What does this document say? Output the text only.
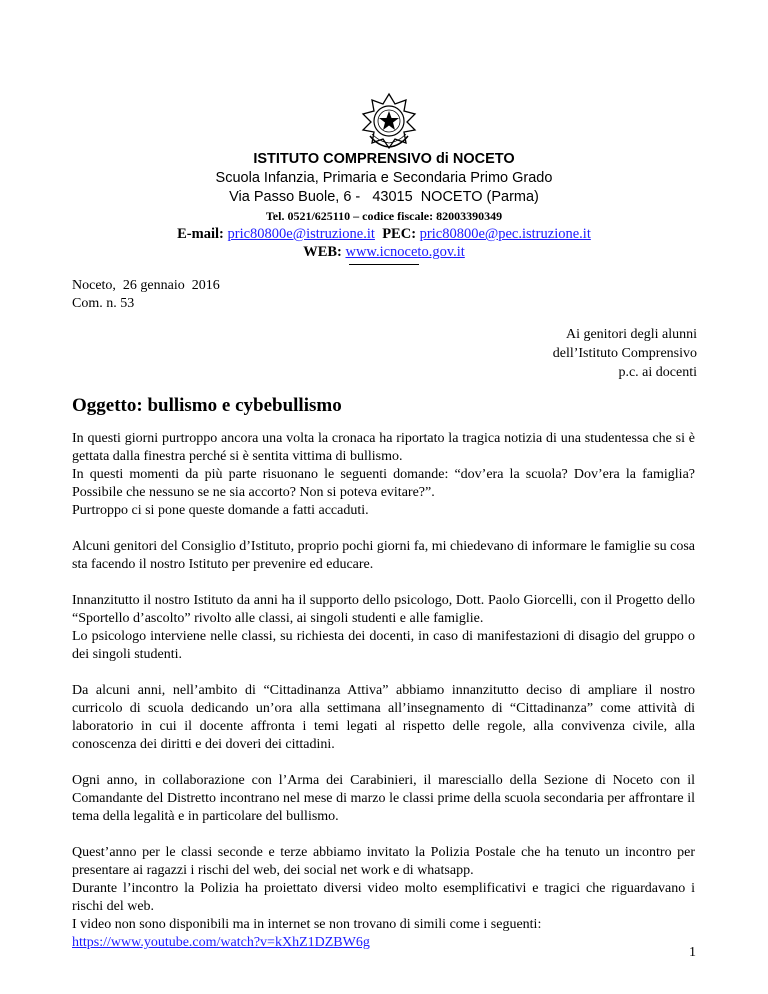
ISTITUTO COMPRENSIVO di NOCETO
Scuola Infanzia, Primaria e Secondaria Primo Grado
Via Passo Buole, 6 -   43015  NOCETO (Parma)
Tel. 0521/625110 – codice fiscale: 82003390349
E-mail: pric80800e@istruzione.it PEC: pric80800e@pec.istruzione.it
WEB: www.icnoceto.gov.it
Noceto,  26 gennaio  2016
Com. n. 53
Ai genitori degli alunni
dell’Istituto Comprensivo
p.c. ai docenti
Oggetto: bullismo e cybebullismo

In questi giorni purtroppo ancora una volta la cronaca ha riportato la tragica notizia di una studentessa che si è gettata dalla finestra perché si è sentita vittima di bullismo.
In questi momenti da più parte risuonano le seguenti domande: “dov’era la scuola? Dov’era la famiglia? Possibile che nessuno se ne sia accorto? Non si poteva evitare?”.
Purtroppo ci si pone queste domande a fatti accaduti.

Alcuni genitori del Consiglio d’Istituto, proprio pochi giorni fa, mi chiedevano di informare le famiglie su cosa sta facendo il nostro Istituto per prevenire ed educare.

Innanzitutto il nostro Istituto da anni ha il supporto dello psicologo, Dott. Paolo Giorcelli, con il Progetto dello “Sportello d’ascolto” rivolto alle classi, ai singoli studenti e alle famiglie.
Lo psicologo interviene nelle classi, su richiesta dei docenti, in caso di manifestazioni di disagio del gruppo o dei singoli studenti.

Da alcuni anni, nell’ambito di “Cittadinanza Attiva” abbiamo innanzitutto deciso di ampliare il nostro curricolo di scuola dedicando un’ora alla settimana all’insegnamento di “Cittadinanza” come attività di laboratorio in cui il docente affronta i temi legati al rispetto delle regole, alla convivenza civile, alla conoscenza dei diritti e dei doveri dei cittadini.

Ogni anno, in collaborazione con l’Arma dei Carabinieri, il maresciallo della Sezione di Noceto con il Comandante del Distretto incontrano nel mese di marzo le classi prime della scuola secondaria per affrontare il tema della legalità e in particolare del bullismo.

Quest’anno per le classi seconde e terze abbiamo invitato la Polizia Postale che ha tenuto un incontro per presentare ai ragazzi i rischi del web, dei social net work e di whatsapp.
Durante l’incontro la Polizia ha proiettato diversi video molto esemplificativi e tragici che riguardavano i rischi del web.
I video non sono disponibili ma in internet se non trovano di simili come i seguenti:
https://www.youtube.com/watch?v=kXhZ1DZBW6g

1
